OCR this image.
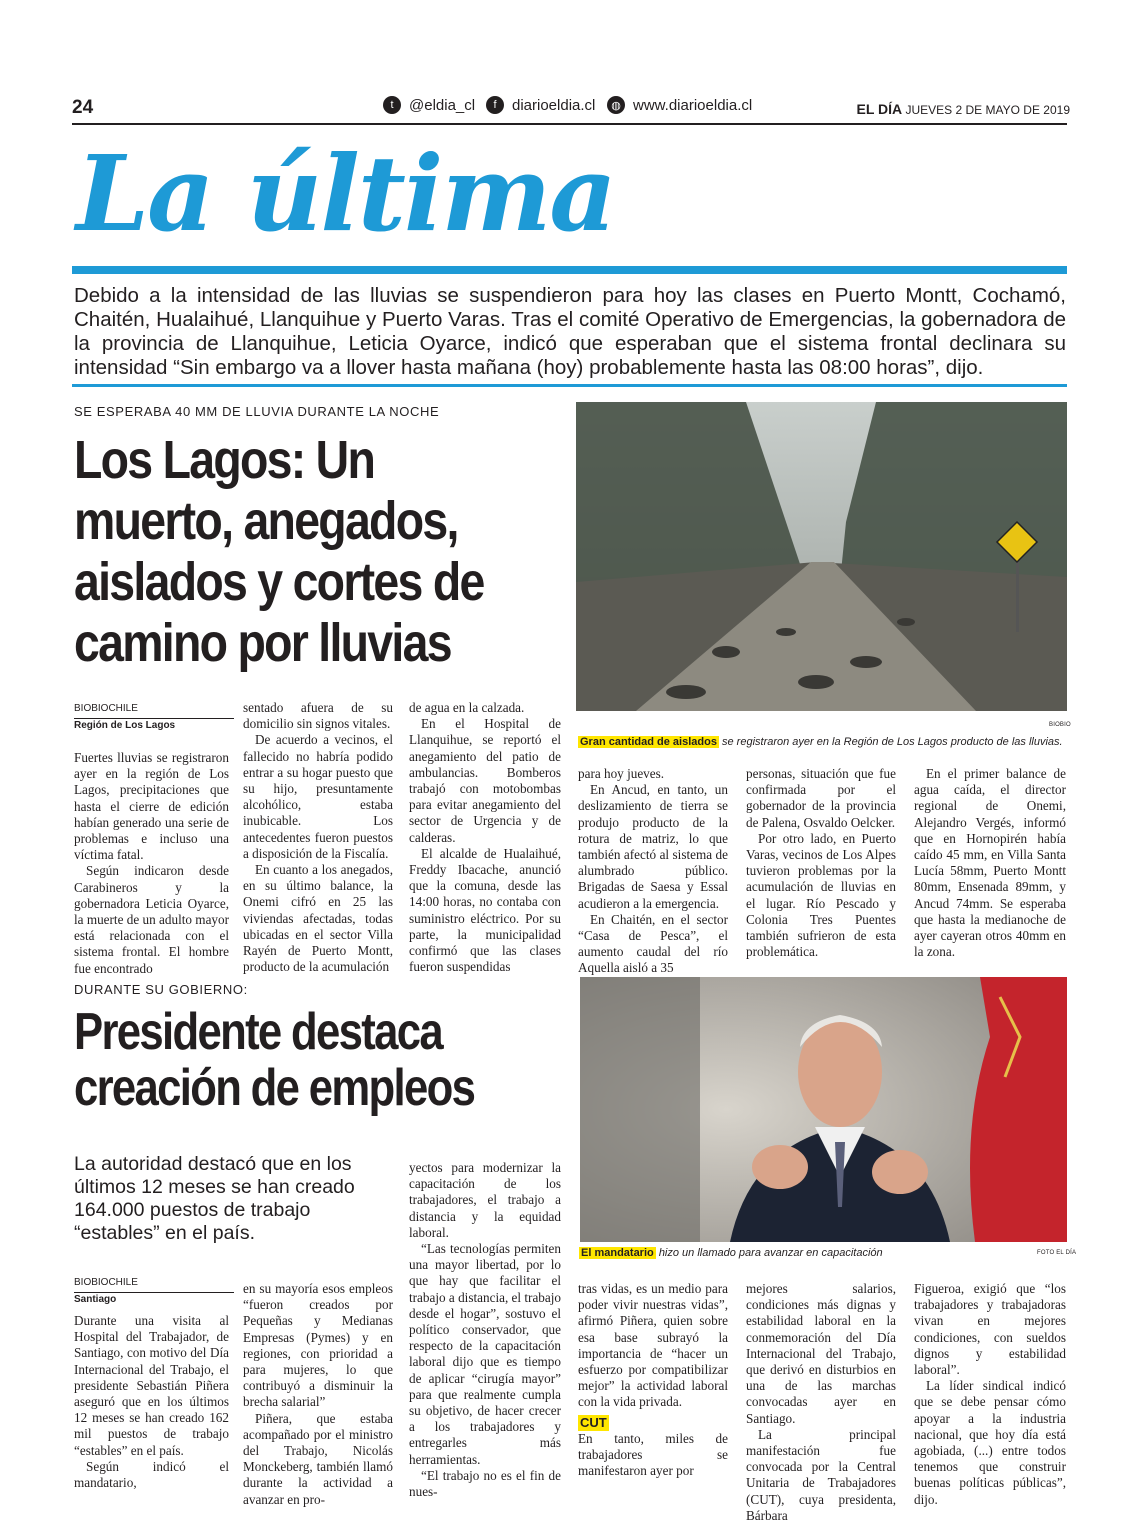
24	t	@eldia_cl	f	diarioeldia.cl	◍ www.diarioeldia.cl	EL DÍA JUEVES 2 DE MAYO DE 2019
La última
Debido a la intensidad de las lluvias se suspendieron para hoy las clases en Puerto Montt, Cochamó, Chaitén, Hualaihué, Llanquihue y Puerto Varas. Tras el comité Operativo de Emergencias, la gobernadora de la provincia de Llanquihue, Leticia Oyarce, indicó que esperaban que el sistema frontal declinara su intensidad “Sin embargo va a llover hasta mañana (hoy) probablemente hasta las 08:00 horas”, dijo.
SE ESPERABA 40 MM DE LLUVIA DURANTE LA NOCHE
Los Lagos: Un muerto, anegados, aislados y cortes de camino por lluvias
BIOBIO
Gran cantidad de aislados se registraron ayer en la Región de Los Lagos producto de las lluvias.
BIOBIOCHILE
Región de Los Lagos

Fuertes lluvias se registraron ayer en la región de Los Lagos, precipitaciones que hasta el cierre de edición habían generado una serie de problemas e incluso una víctima fatal.

Según indicaron desde Carabineros y la gobernadora Leticia Oyarce, la muerte de un adulto mayor está relacionada con el sistema frontal. El hombre fue encontrado

sentado afuera de su domicilio sin signos vitales.

De acuerdo a vecinos, el fallecido no habría podido entrar a su hogar puesto que su hijo, presuntamente alcohólico, estaba inubicable. Los antecedentes fueron puestos a disposición de la Fiscalía.

En cuanto a los anegados, en su último balance, la Onemi cifró en 25 las viviendas afectadas, todas ubicadas en el sector Villa Rayén de Puerto Montt, producto de la acumulación

de agua en la calzada.

En el Hospital de Llanquihue, se reportó el anegamiento del patio de ambulancias. Bomberos trabajó con motobombas para evitar anegamiento del sector de Urgencia y de calderas.

El alcalde de Hualaihué, Freddy Ibacache, anunció que la comuna, desde las 14:00 horas, no contaba con suministro eléctrico. Por su parte, la municipalidad confirmó que las clases fueron suspendidas

para hoy jueves.

En Ancud, en tanto, un deslizamiento de tierra se produjo producto de la rotura de matriz, lo que también afectó al sistema de alumbrado público. Brigadas de Saesa y Essal acudieron a la emergencia.

En Chaitén, en el sector “Casa de Pesca”, el aumento caudal del río Aquella aisló a 35

personas, situación que fue confirmada por el gobernador de la provincia de Palena, Osvaldo Oelcker.

Por otro lado, en Puerto Varas, vecinos de Los Alpes tuvieron problemas por la acumulación de lluvias en el lugar. Río Pescado y Colonia Tres Puentes también sufrieron de esta problemática.

En el primer balance de agua caída, el director regional de Onemi, Alejandro Vergés, informó que en Hornopirén había caído 45 mm, en Villa Santa Lucía 58mm, Puerto Montt 80mm, Ensenada 89mm, y Ancud 74mm. Se esperaba que hasta la medianoche de ayer cayeran otros 40mm en la zona.

DURANTE SU GOBIERNO:
Presidente destaca creación de empleos
FOTO EL DÍA
El mandatario hizo un llamado para avanzar en capacitación
La autoridad destacó que en los últimos 12 meses se han creado 164.000 puestos de trabajo “estables” en el país.
BIOBIOCHILE
Santiago

Durante una visita al Hospital del Trabajador, de Santiago, con motivo del Día Internacional del Trabajo, el presidente Sebastián Piñera aseguró que en los últimos 12 meses se han creado 162 mil puestos de trabajo “estables” en el país.

Según indicó el mandatario,

en su mayoría esos empleos “fueron creados por Pequeñas y Medianas Empresas (Pymes) y en regiones, con prioridad a para mujeres, lo que contribuyó a disminuir la brecha salarial”

Piñera, que estaba acompañado por el ministro del Trabajo, Nicolás Monckeberg, también llamó durante la actividad a avanzar en pro-

yectos para modernizar la capacitación de los trabajadores, el trabajo a distancia y la equidad laboral.

“Las tecnologías permiten una mayor libertad, por lo que hay que facilitar el trabajo a distancia, el trabajo desde el hogar”, sostuvo el político conservador, que respecto de la capacitación laboral dijo que es tiempo de aplicar “cirugía mayor” para que realmente cumpla su objetivo, de hacer crecer a los trabajadores y entregarles más herramientas.

“El trabajo no es el fin de nues-

tras vidas, es un medio para poder vivir nuestras vidas”, afirmó Piñera, quien sobre esa base subrayó la importancia de “hacer un esfuerzo por compatibilizar mejor” la actividad laboral con la vida privada.

CUT

En tanto, miles de trabajadores se manifestaron ayer por

mejores salarios, condiciones más dignas y estabilidad laboral en la conmemoración del Día Internacional del Trabajo, que derivó en disturbios en una de las marchas convocadas ayer en Santiago.

La principal manifestación fue convocada por la Central Unitaria de Trabajadores (CUT), cuya presidenta, Bárbara

Figueroa, exigió que “los trabajadores y trabajadoras vivan en mejores condiciones, con sueldos dignos y estabilidad laboral”.

La líder sindical indicó que se debe pensar cómo apoyar a la industria nacional, que hoy día está agobiada, (...) entre todos tenemos que construir buenas políticas públicas”, dijo.
